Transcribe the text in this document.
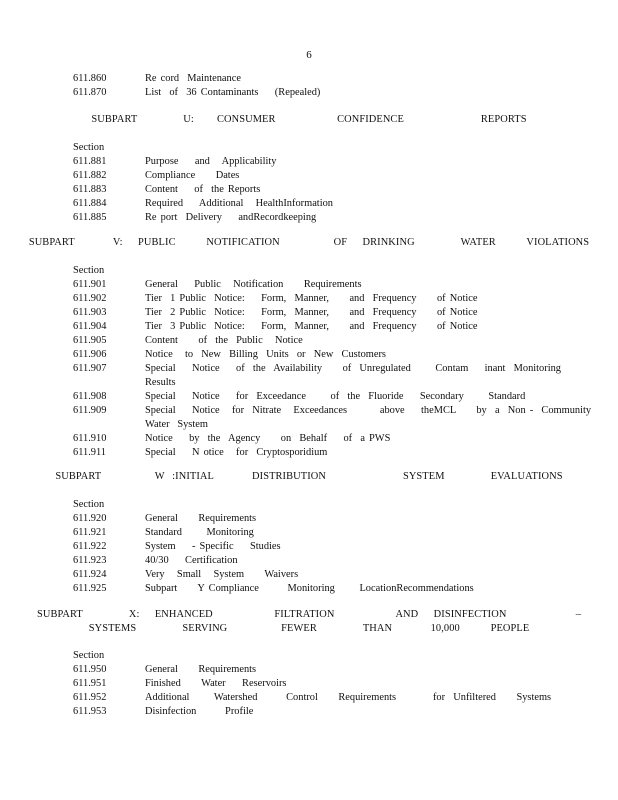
6
611.860	Re cord  Maintenance
611.870	List  of  36 Contaminants    (Repealed)
SUBPART      U:   CONSUMER        CONFIDENCE          REPORTS
Section
611.881	Purpose    and   Applicability
611.882	Compliance     Dates
611.883	Content    of  the Reports
611.884	Required    Additional   HealthInformation
611.885	Re port  Delivery    andRecordkeeping
SUBPART     V:  PUBLIC    NOTIFICATION       OF  DRINKING      WATER    VIOLATIONS
Section
611.901	General    Public   Notification     Requirements
611.902	Tier  1 Public  Notice:    Form,  Manner,     and  Frequency     of Notice
611.903	Tier  2 Public  Notice:    Form,  Manner,     and  Frequency     of Notice
611.904	Tier  3 Public  Notice:    Form,  Manner,     and  Frequency     of Notice
611.905	Content     of  the  Public   Notice
611.906	Notice   to  New  Billing  Units  or  New  Customers
611.907	Special    Notice    of  the  Availability     of  Unregulated      Contam    inant  Monitoring
Results
611.908	Special    Notice    for  Exceedance      of  the  Fluoride    Secondary      Standard
611.909	Special    Notice   for  Nitrate   Exceedances        above    theMCL     by  a  Non -  Community
Water   System
611.910	Notice    by  the  Agency     on  Behalf    of  a PWS
611.911	Special    N otice   for  Cryptosporidium
SUBPART       W :INITIAL     DISTRIBUTION          SYSTEM      EVALUATIONS
Section
611.920	General     Requirements
611.921	Standard      Monitoring
611.922	System    - Specific    Studies
611.923	40/30    Certification
611.924	Very   Small   System     Waivers
611.925	Subpart     Y Compliance       Monitoring      LocationRecommendations
SUBPART      X:  ENHANCED        FILTRATION        AND  DISINFECTION         –
SYSTEMS      SERVING       FEWER      THAN     10,000    PEOPLE
Section
611.950	General     Requirements
611.951	Finished     Water    Reservoirs
611.952	Additional      Watershed       Control     Requirements         for  Unfiltered     Systems
611.953	Disinfection       Profile
